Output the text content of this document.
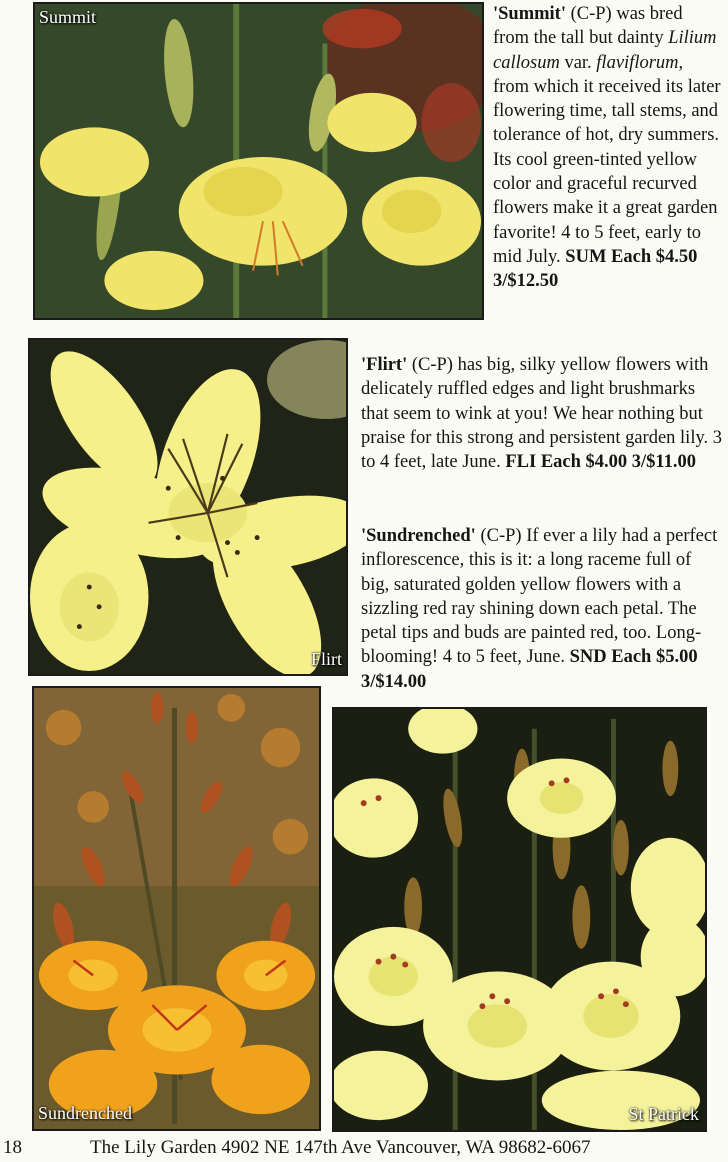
Summit	'Summit' (C-P) was bred from the tall but dainty Lilium callosum var. flaviflorum, from which it received its later flowering time, tall stems, and tolerance of hot, dry summers. Its cool green-tinted yellow color and graceful recurved flowers make it a great garden favorite! 4 to 5 feet, early to mid July. SUM Each $4.50 3/$12.50

Flirt

'Flirt' (C-P) has big, silky yellow flowers with delicately ruffled edges and light brushmarks that seem to wink at you! We hear nothing but praise for this strong and persistent garden lily. 3 to 4 feet, late June. FLI Each $4.00 3/$11.00

'Sundrenched' (C-P) If ever a lily had a perfect inflorescence, this is it: a long raceme full of big, saturated golden yellow flowers with a sizzling red ray shining down each petal. The petal tips and buds are painted red, too. Long-blooming! 4 to 5 feet, June. SND Each $5.00 3/$14.00

Sundrenched	St Patrick
18	The Lily Garden 4902 NE 147th Ave Vancouver, WA 98682-6067
